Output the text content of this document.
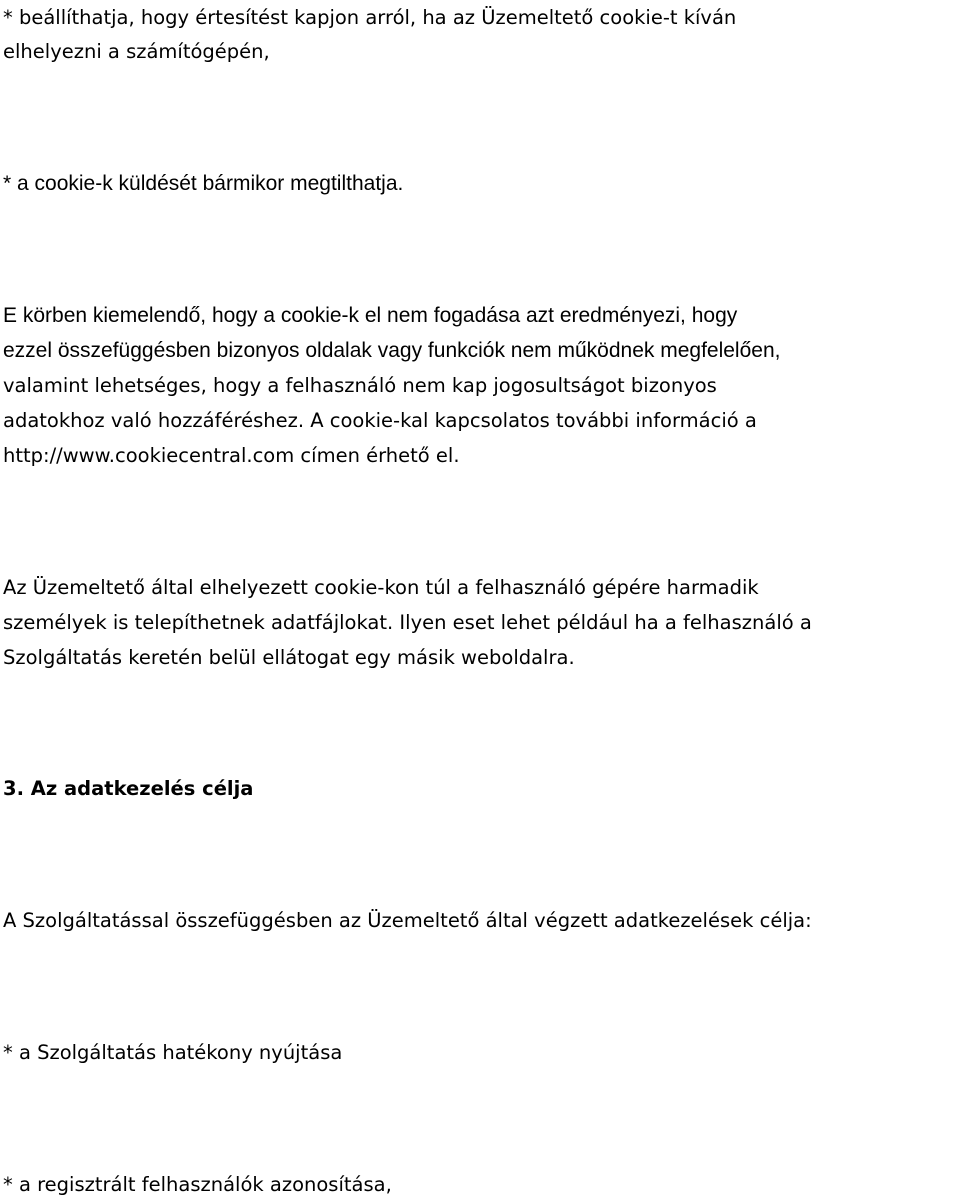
* beállíthatja, hogy értesítést kapjon arról, ha az Üzemeltető cookie-t kíván
elhelyezni a számítógépén,
* a cookie-k küldését bármikor megtilthatja.
E körben kiemelendő, hogy a cookie-k el nem fogadása azt eredményezi, hogy
ezzel összefüggésben bizonyos oldalak vagy funkciók nem működnek megfelelően,
valamint lehetséges, hogy a felhasználó nem kap jogosultságot bizonyos
adatokhoz való hozzáféréshez. A cookie-kal kapcsolatos további információ a
http://www.cookiecentral.com címen érhető el.
Az Üzemeltető által elhelyezett cookie-kon túl a felhasználó gépére harmadik
személyek is telepíthetnek adatfájlokat. Ilyen eset lehet például ha a felhasználó a
Szolgáltatás keretén belül ellátogat egy másik weboldalra.
3. Az adatkezelés célja
A Szolgáltatással összefüggésben az Üzemeltető által végzett adatkezelések célja:
* a Szolgáltatás hatékony nyújtása
* a regisztrált felhasználók azonosítása,
